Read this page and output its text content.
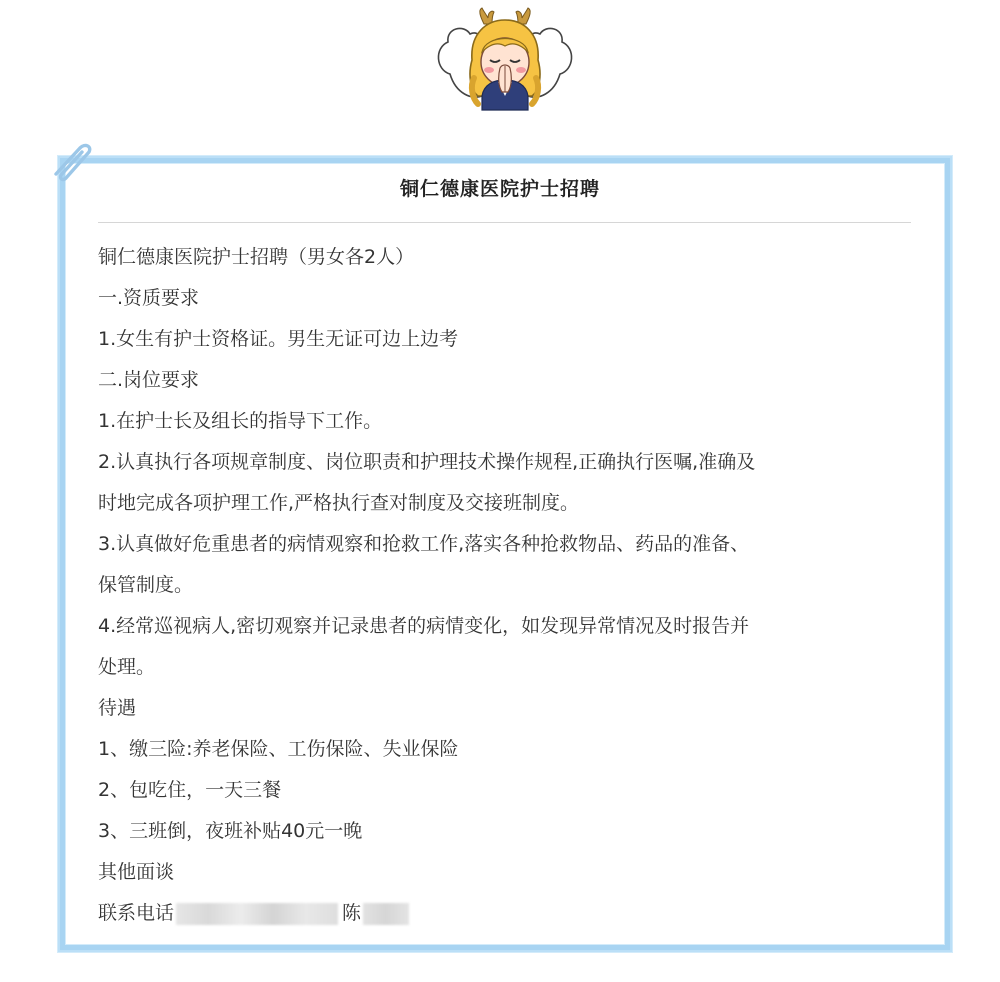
铜仁德康医院护士招聘
铜仁德康医院护士招聘（男女各2人）
一.资质要求
1.女生有护士资格证。男生无证可边上边考
二.岗位要求
1.在护士长及组长的指导下工作。
2.认真执行各项规章制度、岗位职责和护理技术操作规程,正确执行医嘱,准确及
时地完成各项护理工作,严格执行查对制度及交接班制度。
3.认真做好危重患者的病情观察和抢救工作,落实各种抢救物品、药品的准备、
保管制度。
4.经常巡视病人,密切观察并记录患者的病情变化，如发现异常情况及时报告并
处理。
待遇
1、缴三险:养老保险、工伤保险、失业保险
2、包吃住，一天三餐
3、三班倒，夜班补贴40元一晚
其他面谈
联系电话	陈
